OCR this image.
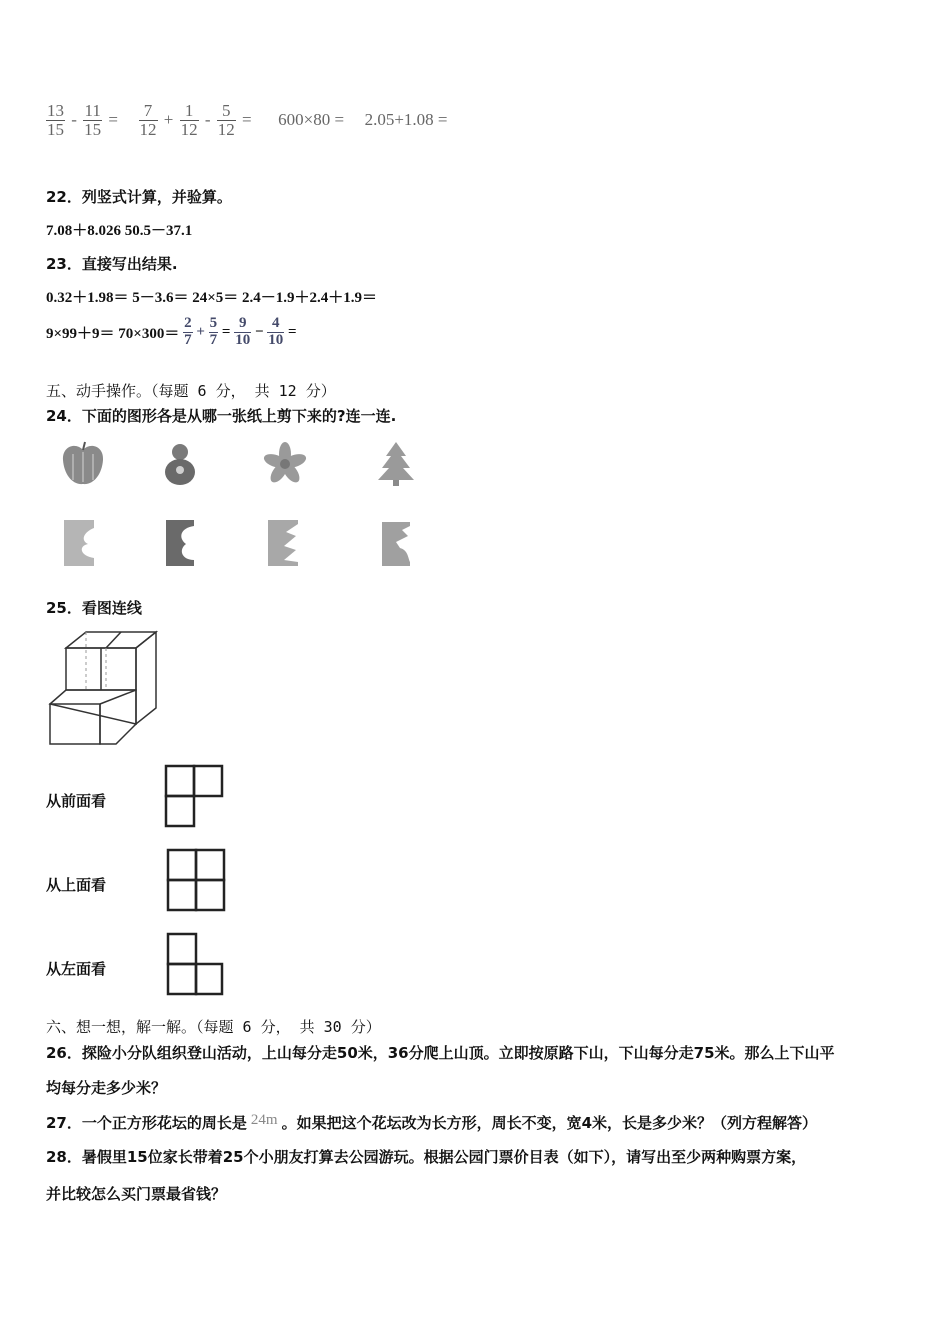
$\frac{13}{15} - \frac{11}{15} = \frac{7}{12} + \frac{1}{12} - \frac{5}{12} = 600\times 80 = 2.05+1.08$ =
22．列竖式计算，并验算。
7.08＋8.026 50.5－37.1
23．直接写出结果.
0.32＋1.98＝ 5－3.6＝ 24×5＝ 2.4－1.9＋2.4＋1.9＝
$9\times 99+9= 70\times 300= \frac{2}{7} + \frac{5}{7} = \frac{9}{10} - \frac{4}{10}$ =
五、动手操作。（每题 6 分， 共 12 分）
24．下面的图形各是从哪一张纸上剪下来的?连一连.
25．看图连线
从前面看
从上面看
从左面看
六、想一想，解一解。（每题 6 分， 共 30 分）
26．探险小分队组织登山活动，上山每分走50米，36分爬上山顶。立即按原路下山，下山每分走75米。那么上下山平
均每分走多少米？
27．一个正方形花坛的周长是 24m 。如果把这个花坛改为长方形，周长不变，宽4米，长是多少米？（列方程解答）
28．暑假里15位家长带着25个小朋友打算去公园游玩。根据公园门票价目表（如下），请写出至少两种购票方案，
并比较怎么买门票最省钱？
